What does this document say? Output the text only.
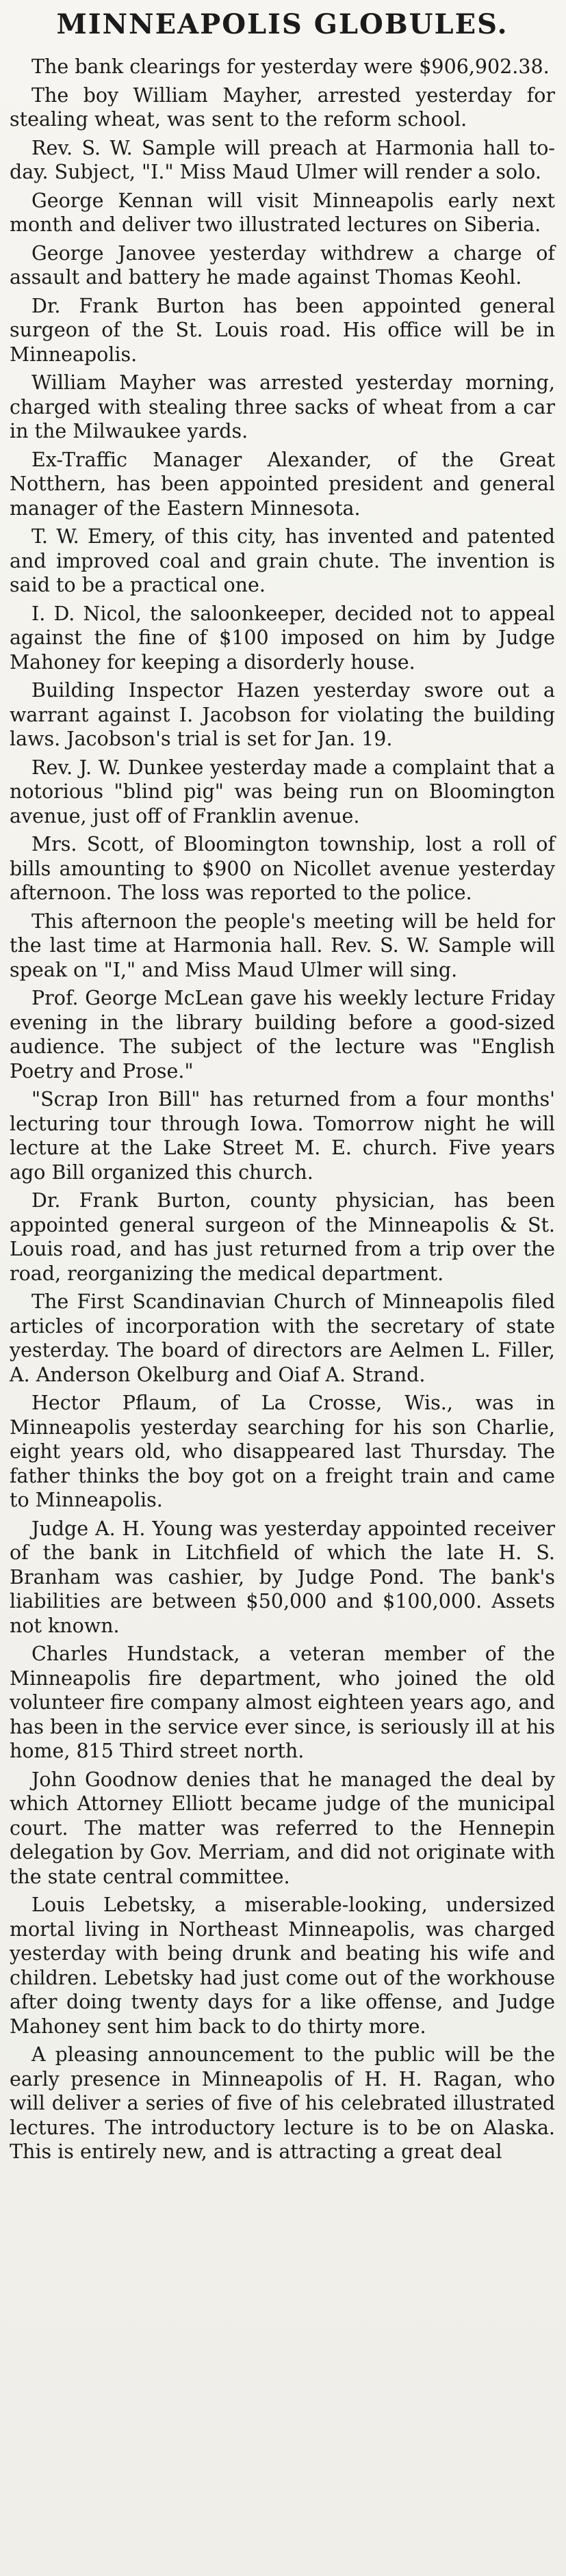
MINNEAPOLIS GLOBULES.

The bank clearings for yesterday were $906,902.38.

The boy William Mayher, arrested yesterday for stealing wheat, was sent to the reform school.

Rev. S. W. Sample will preach at Harmonia hall to-day. Subject, "I." Miss Maud Ulmer will render a solo.

George Kennan will visit Minneapolis early next month and deliver two illustrated lectures on Siberia.

George Janovee yesterday withdrew a charge of assault and battery he made against Thomas Keohl.

Dr. Frank Burton has been appointed general surgeon of the St. Louis road. His office will be in Minneapolis.

William Mayher was arrested yesterday morning, charged with stealing three sacks of wheat from a car in the Milwaukee yards.

Ex-Traffic Manager Alexander, of the Great Notthern, has been appointed president and general manager of the Eastern Minnesota.

T. W. Emery, of this city, has invented and patented and improved coal and grain chute. The invention is said to be a practical one.

I. D. Nicol, the saloonkeeper, decided not to appeal against the fine of $100 imposed on him by Judge Mahoney for keeping a disorderly house.

Building Inspector Hazen yesterday swore out a warrant against I. Jacobson for violating the building laws. Jacobson's trial is set for Jan. 19.

Rev. J. W. Dunkee yesterday made a complaint that a notorious "blind pig" was being run on Bloomington avenue, just off of Franklin avenue.

Mrs. Scott, of Bloomington township, lost a roll of bills amounting to $900 on Nicollet avenue yesterday afternoon. The loss was reported to the police.

This afternoon the people's meeting will be held for the last time at Harmonia hall. Rev. S. W. Sample will speak on "I," and Miss Maud Ulmer will sing.

Prof. George McLean gave his weekly lecture Friday evening in the library building before a good-sized audience. The subject of the lecture was "English Poetry and Prose."

"Scrap Iron Bill" has returned from a four months' lecturing tour through Iowa. Tomorrow night he will lecture at the Lake Street M. E. church. Five years ago Bill organized this church.

Dr. Frank Burton, county physician, has been appointed general surgeon of the Minneapolis & St. Louis road, and has just returned from a trip over the road, reorganizing the medical department.

The First Scandinavian Church of Minneapolis filed articles of incorporation with the secretary of state yesterday. The board of directors are Aelmen L. Filler, A. Anderson Okelburg and Oiaf A. Strand.

Hector Pflaum, of La Crosse, Wis., was in Minneapolis yesterday searching for his son Charlie, eight years old, who disappeared last Thursday. The father thinks the boy got on a freight train and came to Minneapolis.

Judge A. H. Young was yesterday appointed receiver of the bank in Litchfield of which the late H. S. Branham was cashier, by Judge Pond. The bank's liabilities are between $50,000 and $100,000. Assets not known.

Charles Hundstack, a veteran member of the Minneapolis fire department, who joined the old volunteer fire company almost eighteen years ago, and has been in the service ever since, is seriously ill at his home, 815 Third street north.

John Goodnow denies that he managed the deal by which Attorney Elliott became judge of the municipal court. The matter was referred to the Hennepin delegation by Gov. Merriam, and did not originate with the state central committee.

Louis Lebetsky, a miserable-looking, undersized mortal living in Northeast Minneapolis, was charged yesterday with being drunk and beating his wife and children. Lebetsky had just come out of the workhouse after doing twenty days for a like offense, and Judge Mahoney sent him back to do thirty more.

A pleasing announcement to the public will be the early presence in Minneapolis of H. H. Ragan, who will deliver a series of five of his celebrated illustrated lectures. The introductory lecture is to be on Alaska. This is entirely new, and is attracting a great deal
